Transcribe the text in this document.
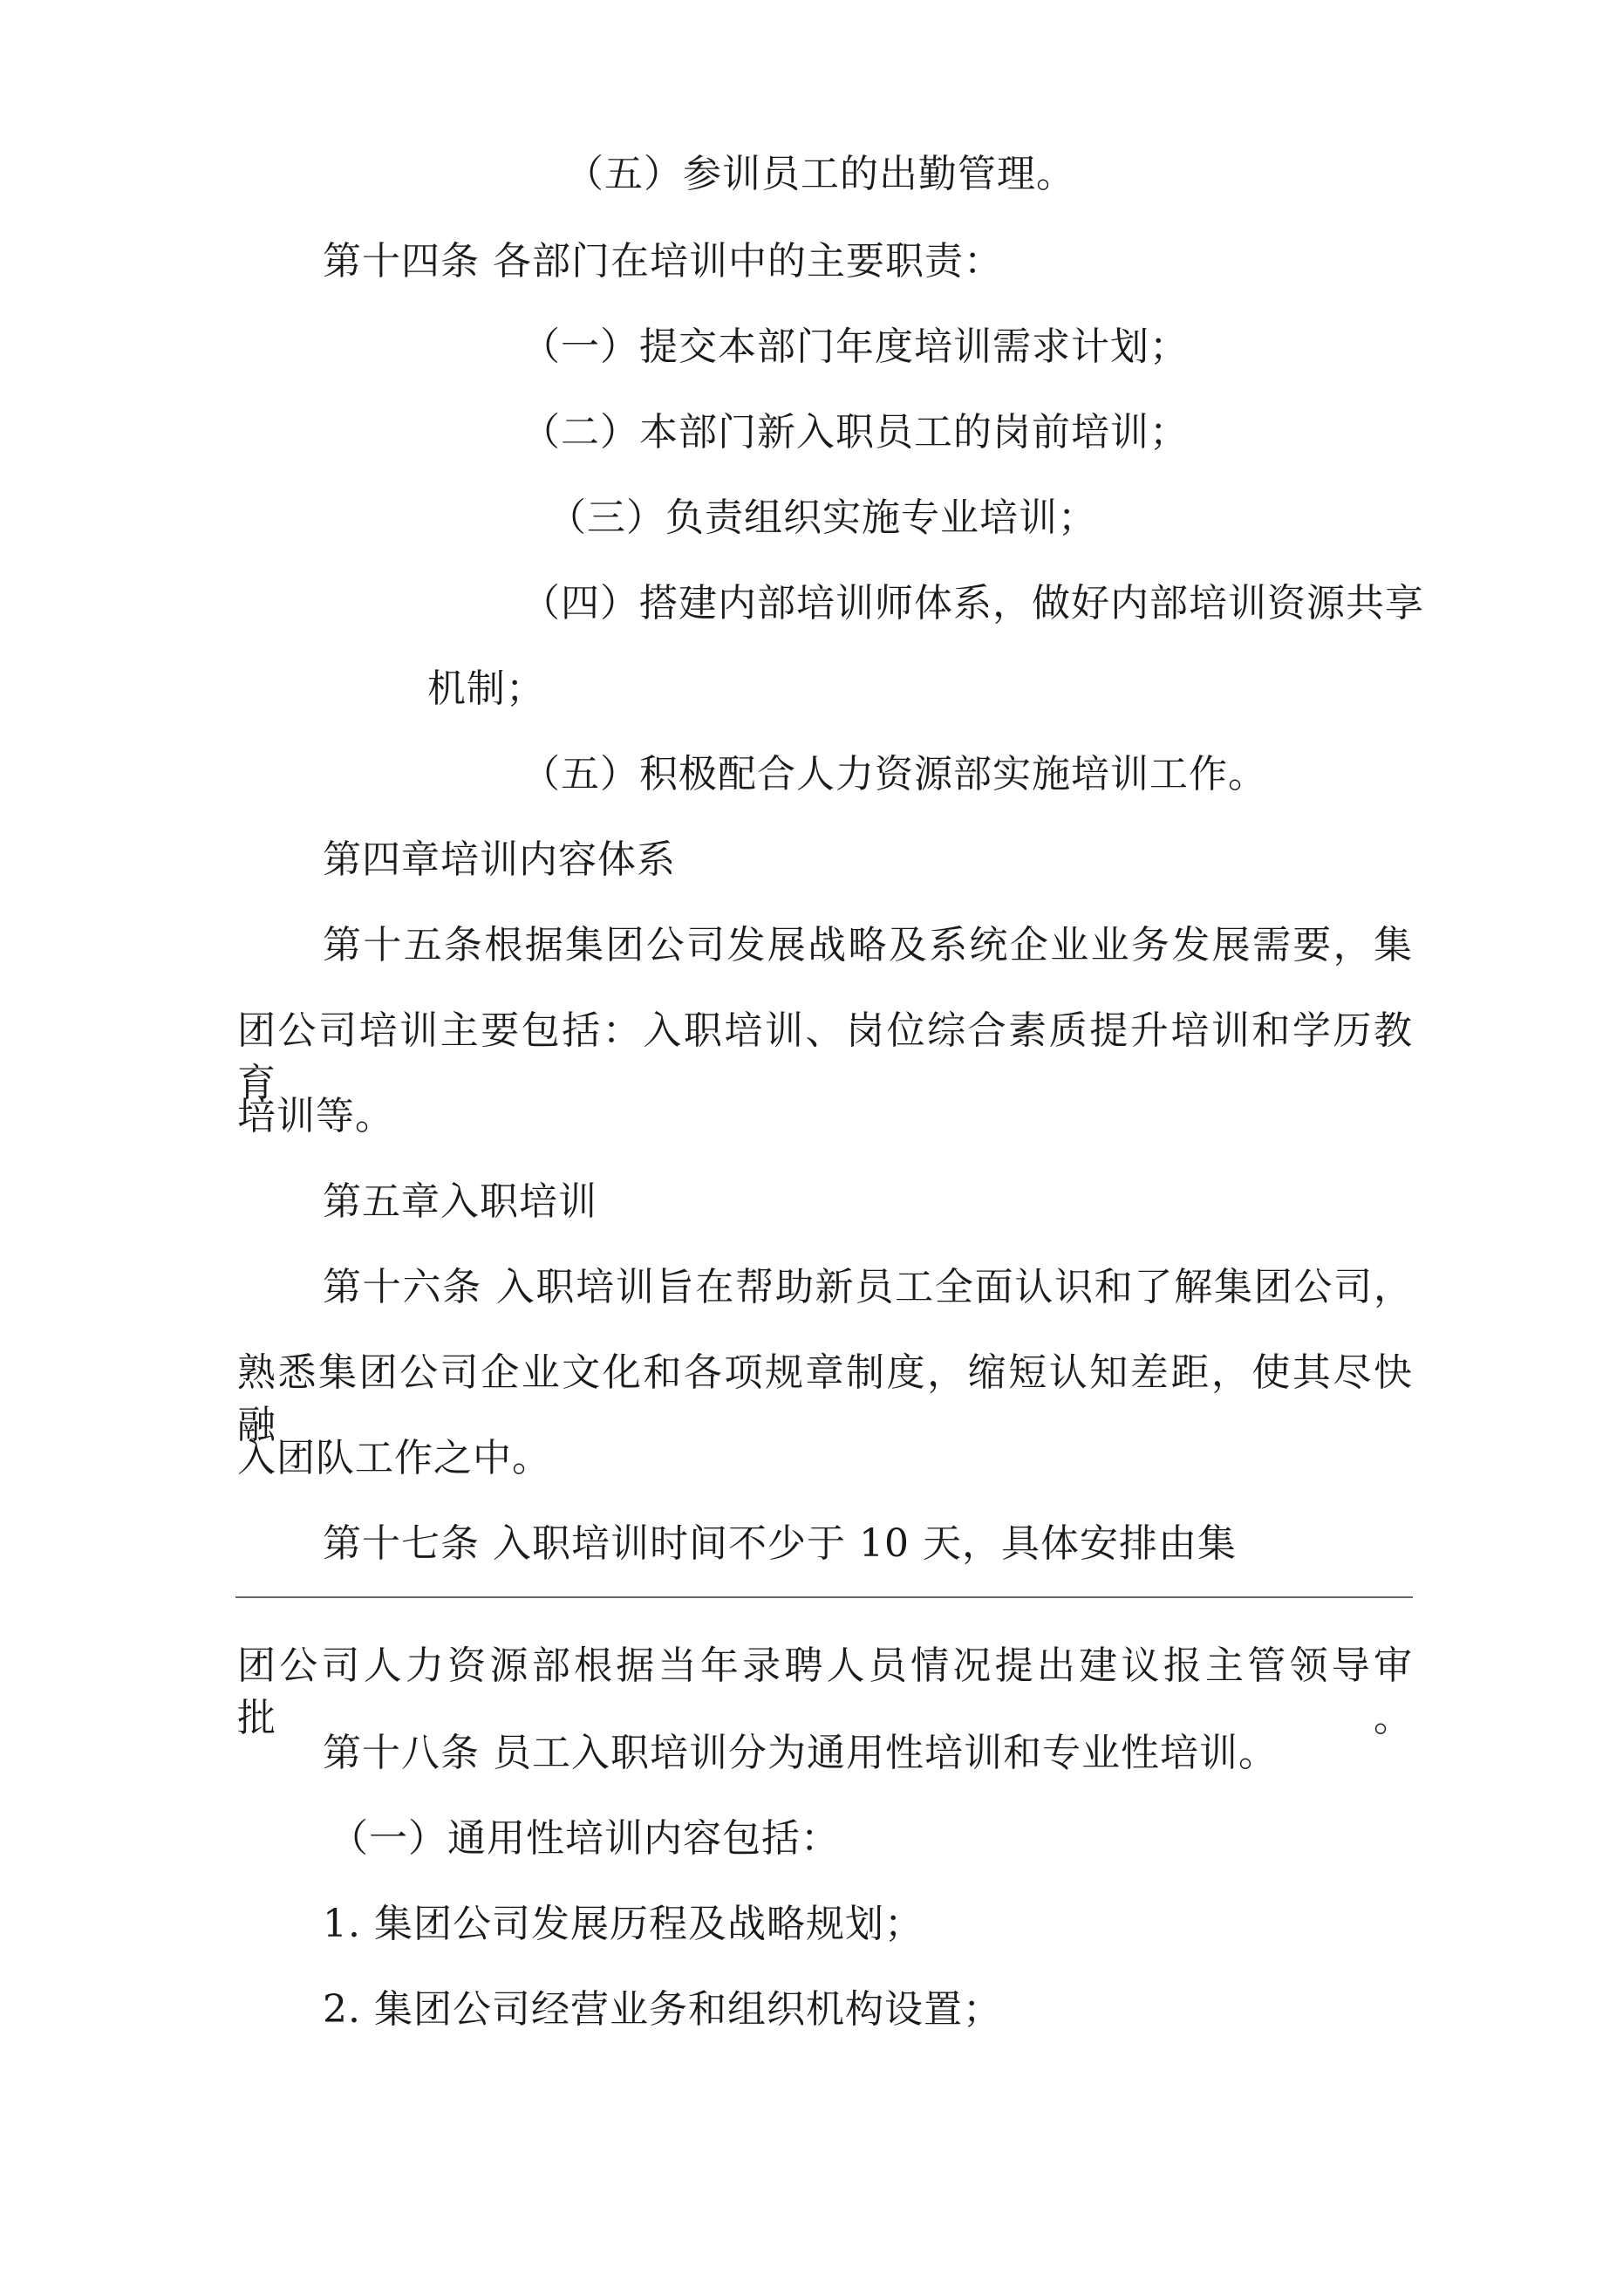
（五）参训员工的出勤管理。
第十四条 各部门在培训中的主要职责：
（一）提交本部门年度培训需求计划；
（二）本部门新入职员工的岗前培训；
（三）负责组织实施专业培训；
（四）搭建内部培训师体系，做好内部培训资源共享
机制；
（五）积极配合人力资源部实施培训工作。
第四章培训内容体系
第十五条根据集团公司发展战略及系统企业业务发展需要，集
团公司培训主要包括：入职培训、岗位综合素质提升培训和学历教育
培训等。
第五章入职培训
第十六条 入职培训旨在帮助新员工全面认识和了解集团公司，
熟悉集团公司企业文化和各项规章制度，缩短认知差距，使其尽快融
入团队工作之中。
第十七条 入职培训时间不少于 10 天，具体安排由集
团公司人力资源部根据当年录聘人员情况提出建议报主管领导审批。
第十八条 员工入职培训分为通用性培训和专业性培训。
（一）通用性培训内容包括：
1. 集团公司发展历程及战略规划；
2. 集团公司经营业务和组织机构设置；
